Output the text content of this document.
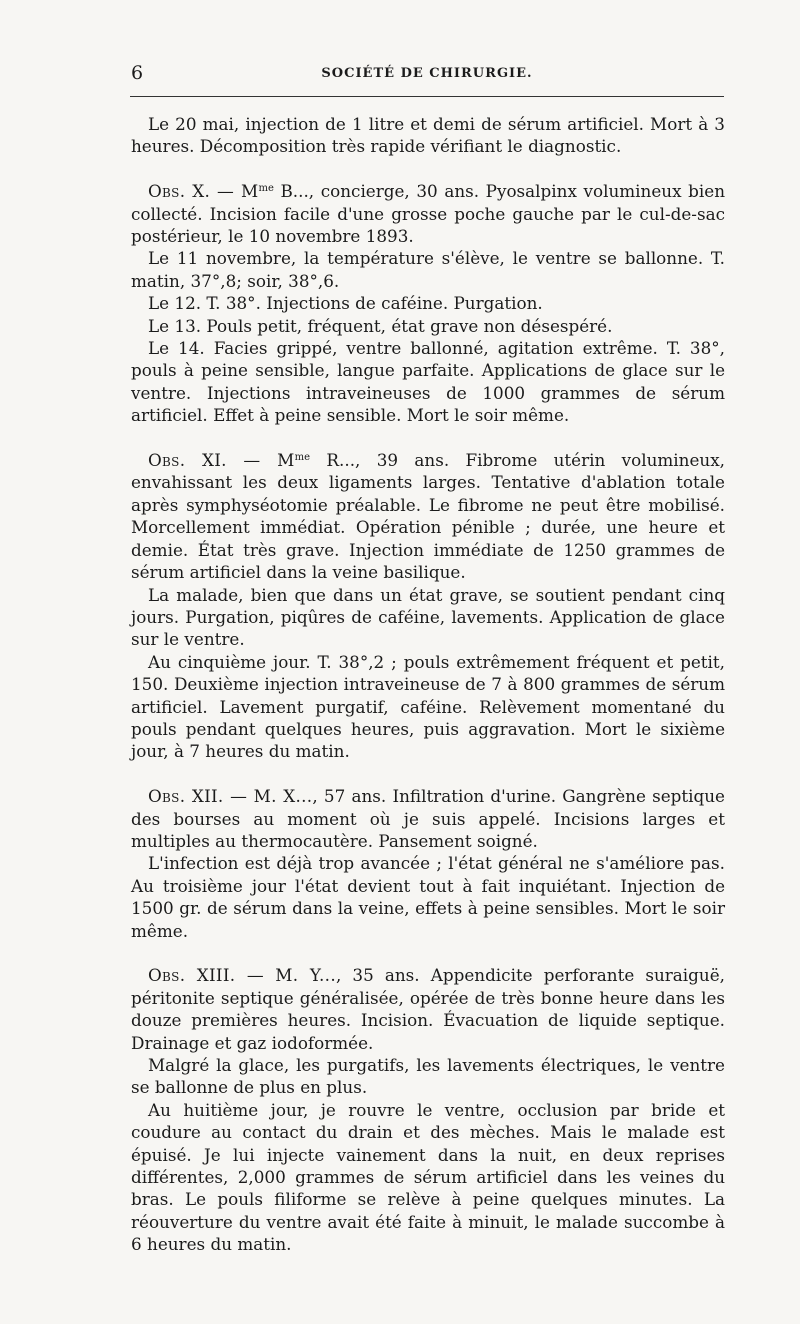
6	SOCIÉTÉ DE CHIRURGIE.

Le 20 mai, injection de 1 litre et demi de sérum artificiel. Mort à 3 heures. Décomposition très rapide vérifiant le diagnostic.

Obs. X. — $M^{me}$ B..., concierge, 30 ans. Pyosalpinx volumineux bien collecté. Incision facile d'une grosse poche gauche par le cul-de-sac postérieur, le 10 novembre 1893.

Le 11 novembre, la température s'élève, le ventre se ballonne. T. matin, 37°,8; soir, 38°,6.

Le 12. T. 38°. Injections de caféine. Purgation.

Le 13. Pouls petit, fréquent, état grave non désespéré.

Le 14. Facies grippé, ventre ballonné, agitation extrême. T. 38°, pouls à peine sensible, langue parfaite. Applications de glace sur le ventre. Injections intraveineuses de 1000 grammes de sérum artificiel. Effet à peine sensible. Mort le soir même.

Obs. XI. — $M^{me}$ R..., 39 ans. Fibrome utérin volumineux, envahissant les deux ligaments larges. Tentative d'ablation totale après symphyséotomie préalable. Le fibrome ne peut être mobilisé. Morcellement immédiat. Opération pénible ; durée, une heure et demie. État très grave. Injection immédiate de 1250 grammes de sérum artificiel dans la veine basilique.

La malade, bien que dans un état grave, se soutient pendant cinq jours. Purgation, piqûres de caféine, lavements. Application de glace sur le ventre.

Au cinquième jour. T. 38°,2 ; pouls extrêmement fréquent et petit, 150. Deuxième injection intraveineuse de 7 à 800 grammes de sérum artificiel. Lavement purgatif, caféine. Relèvement momentané du pouls pendant quelques heures, puis aggravation. Mort le sixième jour, à 7 heures du matin.

Obs. XII. — M. X..., 57 ans. Infiltration d'urine. Gangrène septique des bourses au moment où je suis appelé. Incisions larges et multiples au thermocautère. Pansement soigné.

L'infection est déjà trop avancée ; l'état général ne s'améliore pas. Au troisième jour l'état devient tout à fait inquiétant. Injection de 1500 gr. de sérum dans la veine, effets à peine sensibles. Mort le soir même.

Obs. XIII. — M. Y..., 35 ans. Appendicite perforante suraiguë, péritonite septique généralisée, opérée de très bonne heure dans les douze premières heures. Incision. Évacuation de liquide septique. Drainage et gaz iodoformée.

Malgré la glace, les purgatifs, les lavements électriques, le ventre se ballonne de plus en plus.

Au huitième jour, je rouvre le ventre, occlusion par bride et coudure au contact du drain et des mèches. Mais le malade est épuisé. Je lui injecte vainement dans la nuit, en deux reprises différentes, 2,000 grammes de sérum artificiel dans les veines du bras. Le pouls filiforme se relève à peine quelques minutes. La réouverture du ventre avait été faite à minuit, le malade succombe à 6 heures du matin.
